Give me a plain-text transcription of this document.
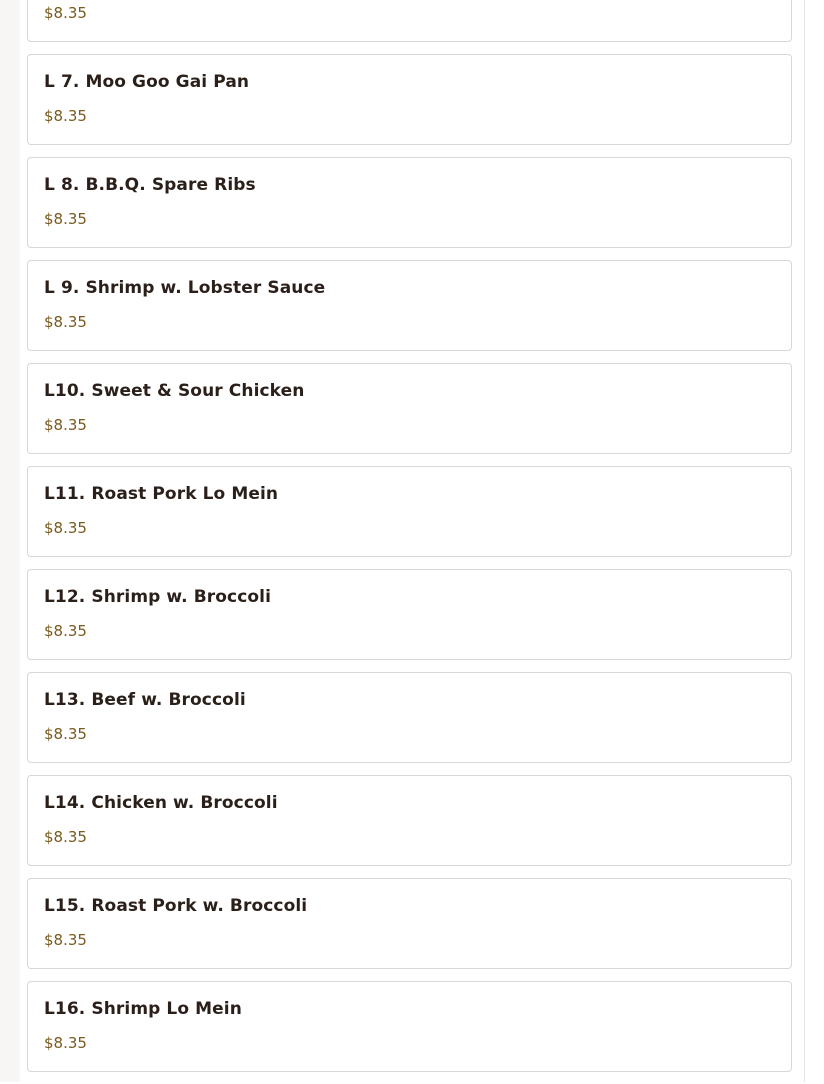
$8.35
L 7. Moo Goo Gai Pan
$8.35
L 8. B.B.Q. Spare Ribs
$8.35
L 9. Shrimp w. Lobster Sauce
$8.35
L10. Sweet & Sour Chicken
$8.35
L11. Roast Pork Lo Mein
$8.35
L12. Shrimp w. Broccoli
$8.35
L13. Beef w. Broccoli
$8.35
L14. Chicken w. Broccoli
$8.35
L15. Roast Pork w. Broccoli
$8.35
L16. Shrimp Lo Mein
$8.35
